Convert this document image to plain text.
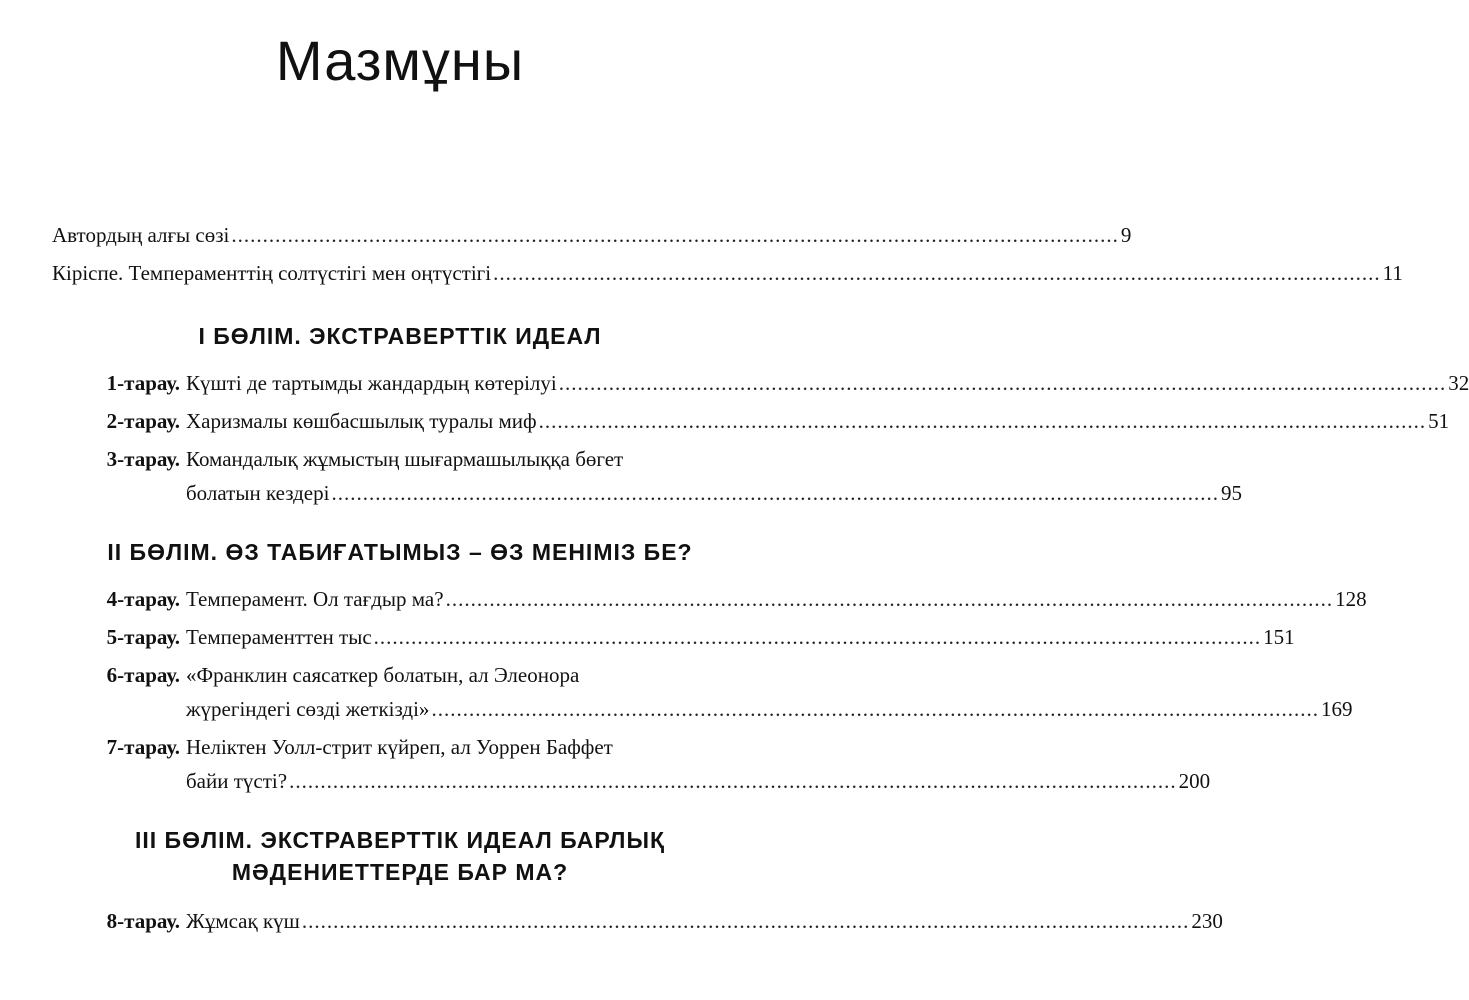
Мазмұны
Автордың алғы сөзі .............................................................................................................................................. 9
Кіріспе. Темпераменттің солтүстігі мен оңтүстігі .............................................................................................................................................. 11
I БӨЛІМ. ЭКСТРАВЕРТТІК ИДЕАЛ
1-тарау. Күшті де тартымды жандардың көтерілуі .............................................................................................................................................. 32
2-тарау. Харизмалы көшбасшылық туралы миф .............................................................................................................................................. 51
3-тарау. Командалық жұмыстың шығармашылыққа бөгет
болатын кездері .............................................................................................................................................. 95
II БӨЛІМ. ӨЗ ТАБИҒАТЫМЫЗ – ӨЗ МЕНІМІЗ БЕ?
4-тарау. Темперамент. Ол тағдыр ма? .............................................................................................................................................. 128
5-тарау. Темпераменттен тыс .............................................................................................................................................. 151
6-тарау. «Франклин саясаткер болатын, ал Элеонора
жүрегіндегі сөзді жеткізді» .............................................................................................................................................. 169
7-тарау. Неліктен Уолл-стрит күйреп, ал Уоррен Баффет
байи түсті? .............................................................................................................................................. 200
III БӨЛІМ. ЭКСТРАВЕРТТІК ИДЕАЛ БАРЛЫҚ
МӘДЕНИЕТТЕРДЕ БАР МА?
8-тарау. Жұмсақ күш .............................................................................................................................................. 230
